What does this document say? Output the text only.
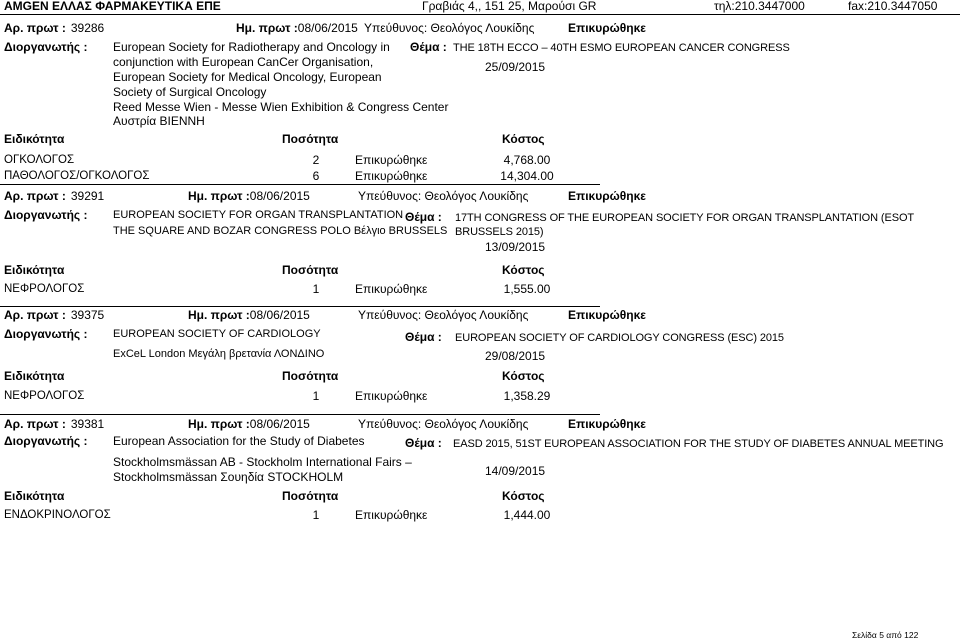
AMGEN ΕΛΛΑΣ ΦΑΡΜΑΚΕΥΤΙΚΑ ΕΠΕ	Γραβιάς 4,, 151 25, Μαρούσι GR	τηλ:210.3447000	fax:210.3447050
Αρ. πρωτ : 39286	Ημ. πρωτ :08/06/2015 Υπεύθυνος: Θεολόγος Λουκίδης	Επικυρώθηκε
Διοργανωτής : European Society for Radiotherapy and Oncology in
conjunction with European CanCer Organisation,
European Society for Medical Oncology, European
Society of Surgical Oncology
Reed Messe Wien - Messe Wien Exhibition & Congress Center
Αυστρία ΒΙΕΝΝΗ
Θέμα : THE 18TH ECCO – 40TH ESMO EUROPEAN CANCER CONGRESS
25/09/2015
Ειδικότητα	Ποσότητα	Κόστος
ΟΓΚΟΛΟΓΟΣ	2	Επικυρώθηκε	4,768.00
ΠΑΘΟΛΟΓΟΣ/ΟΓΚΟΛΟΓΟΣ	6	Επικυρώθηκε	14,304.00
Αρ. πρωτ : 39291	Ημ. πρωτ :08/06/2015	Υπεύθυνος: Θεολόγος Λουκίδης	Επικυρώθηκε
Διοργανωτής : EUROPEAN SOCIETY FOR ORGAN TRANSPLANTATION
THE SQUARE AND BOZAR CONGRESS POLO Βέλγιο BRUSSELS
Θέμα : 17TH CONGRESS OF THE EUROPEAN SOCIETY FOR ORGAN TRANSPLANTATION (ESOT
BRUSSELS 2015)
13/09/2015
Ειδικότητα	Ποσότητα	Κόστος
ΝΕΦΡΟΛΟΓΟΣ	1	Επικυρώθηκε	1,555.00
Αρ. πρωτ : 39375	Ημ. πρωτ :08/06/2015	Υπεύθυνος: Θεολόγος Λουκίδης	Επικυρώθηκε
Διοργανωτής : EUROPEAN SOCIETY OF CARDIOLOGY
ExCeL London Μεγάλη βρετανία ΛΟΝΔΙΝΟ
Θέμα : EUROPEAN SOCIETY OF CARDIOLOGY CONGRESS (ESC) 2015
29/08/2015
Ειδικότητα	Ποσότητα	Κόστος
ΝΕΦΡΟΛΟΓΟΣ	1	Επικυρώθηκε	1,358.29
Αρ. πρωτ : 39381	Ημ. πρωτ :08/06/2015	Υπεύθυνος: Θεολόγος Λουκίδης	Επικυρώθηκε
Διοργανωτής : European Association for the Study of Diabetes
Stockholmsmässan AB - Stockholm International Fairs –
Stockholmsmässan Σουηδία STOCKHOLM
Θέμα : EASD 2015, 51ST EUROPEAN ASSOCIATION FOR THE STUDY OF DIABETES ANNUAL MEETING
14/09/2015
Ειδικότητα	Ποσότητα	Κόστος
ΕΝΔΟΚΡΙΝΟΛΟΓΟΣ	1	Επικυρώθηκε	1,444.00
Σελίδα 5 από 122
